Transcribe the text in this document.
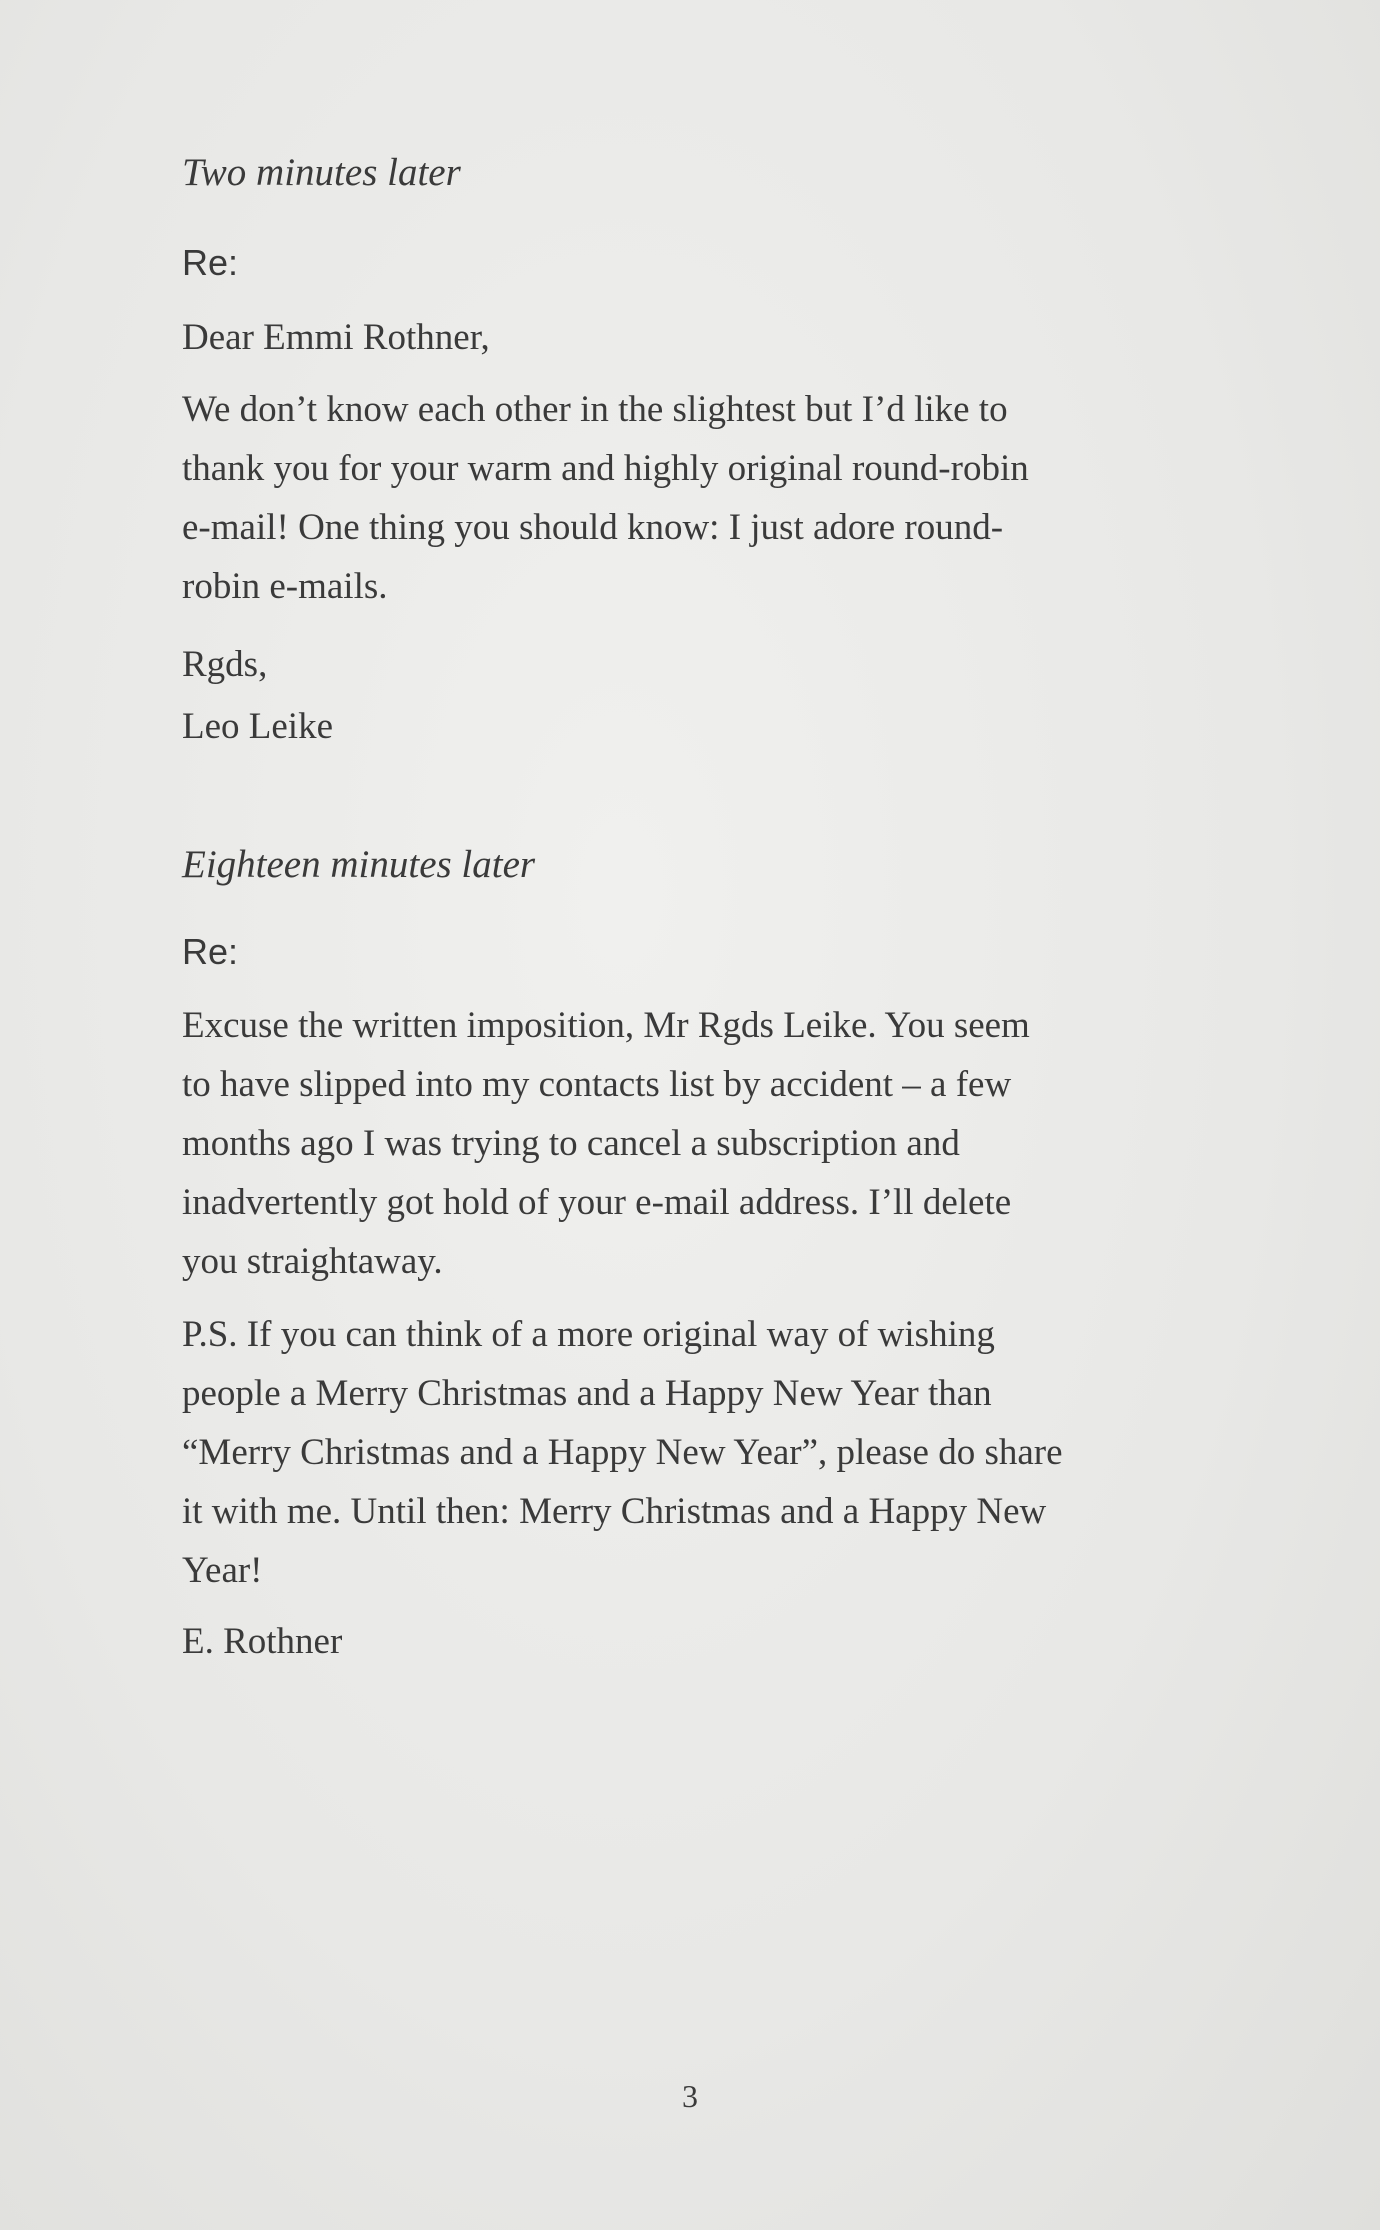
Two minutes later

Re:

Dear Emmi Rothner,

We don’t know each other in the slightest but I’d like to

thank you for your warm and highly original round-robin

e-mail! One thing you should know: I just adore round-

robin e-mails.

Rgds,

Leo Leike

Eighteen minutes later

Re:

Excuse the written imposition, Mr Rgds Leike. You seem

to have slipped into my contacts list by accident – a few

months ago I was trying to cancel a subscription and

inadvertently got hold of your e-mail address. I’ll delete

you straightaway.

P.S. If you can think of a more original way of wishing

people a Merry Christmas and a Happy New Year than

“Merry Christmas and a Happy New Year”, please do share

it with me. Until then: Merry Christmas and a Happy New

Year!

E. Rothner

3
